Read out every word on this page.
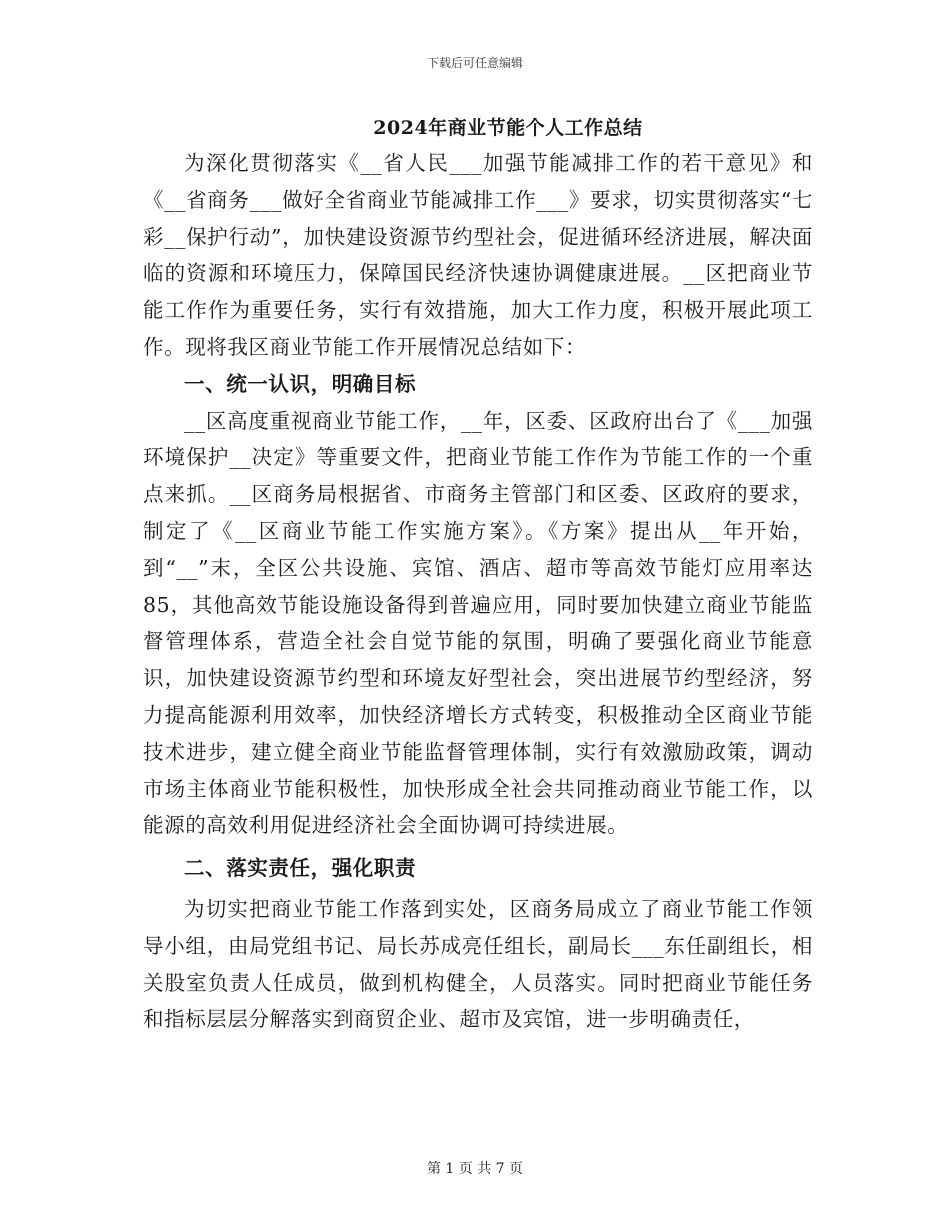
下载后可任意编辑
2024年商业节能个人工作总结

为深化贯彻落实《__省人民___加强节能减排工作的若干意见》和《__省商务___做好全省商业节能减排工作___》要求，切实贯彻落实“七彩__保护行动”，加快建设资源节约型社会，促进循环经济进展，解决面临的资源和环境压力，保障国民经济快速协调健康进展。__区把商业节能工作作为重要任务，实行有效措施，加大工作力度，积极开展此项工作。现将我区商业节能工作开展情况总结如下：

一、统一认识，明确目标

__区高度重视商业节能工作，__年，区委、区政府出台了《___加强环境保护__决定》等重要文件，把商业节能工作作为节能工作的一个重点来抓。__区商务局根据省、市商务主管部门和区委、区政府的要求，制定了《__区商业节能工作实施方案》。《方案》提出从__年开始，到“__”末，全区公共设施、宾馆、酒店、超市等高效节能灯应用率达85，其他高效节能设施设备得到普遍应用，同时要加快建立商业节能监督管理体系，营造全社会自觉节能的氛围，明确了要强化商业节能意识，加快建设资源节约型和环境友好型社会，突出进展节约型经济，努力提高能源利用效率，加快经济增长方式转变，积极推动全区商业节能技术进步，建立健全商业节能监督管理体制，实行有效激励政策，调动市场主体商业节能积极性，加快形成全社会共同推动商业节能工作，以能源的高效利用促进经济社会全面协调可持续进展。

二、落实责任，强化职责

为切实把商业节能工作落到实处，区商务局成立了商业节能工作领导小组，由局党组书记、局长苏成亮任组长，副局长___东任副组长，相关股室负责人任成员，做到机构健全，人员落实。同时把商业节能任务和指标层层分解落实到商贸企业、超市及宾馆，进一步明确责任，

第 1 页 共 7 页
